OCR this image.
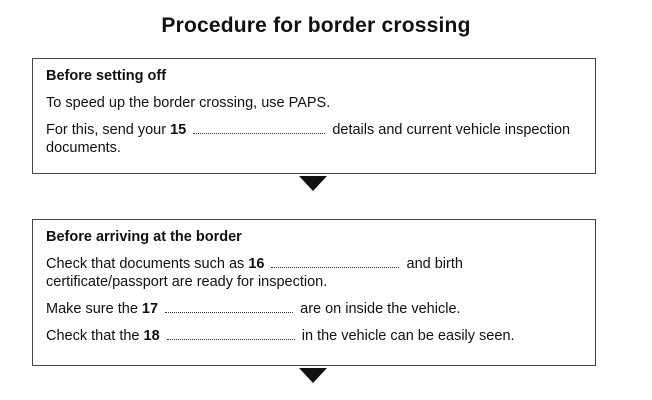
Procedure for border crossing
Before setting off
To speed up the border crossing, use PAPS.
For this, send your 15	details and current vehicle inspection documents.
Before arriving at the border
Check that documents such as 16	and birth certificate/passport are ready for inspection.
Make sure the 17	are on inside the vehicle.
Check that the 18	in the vehicle can be easily seen.
